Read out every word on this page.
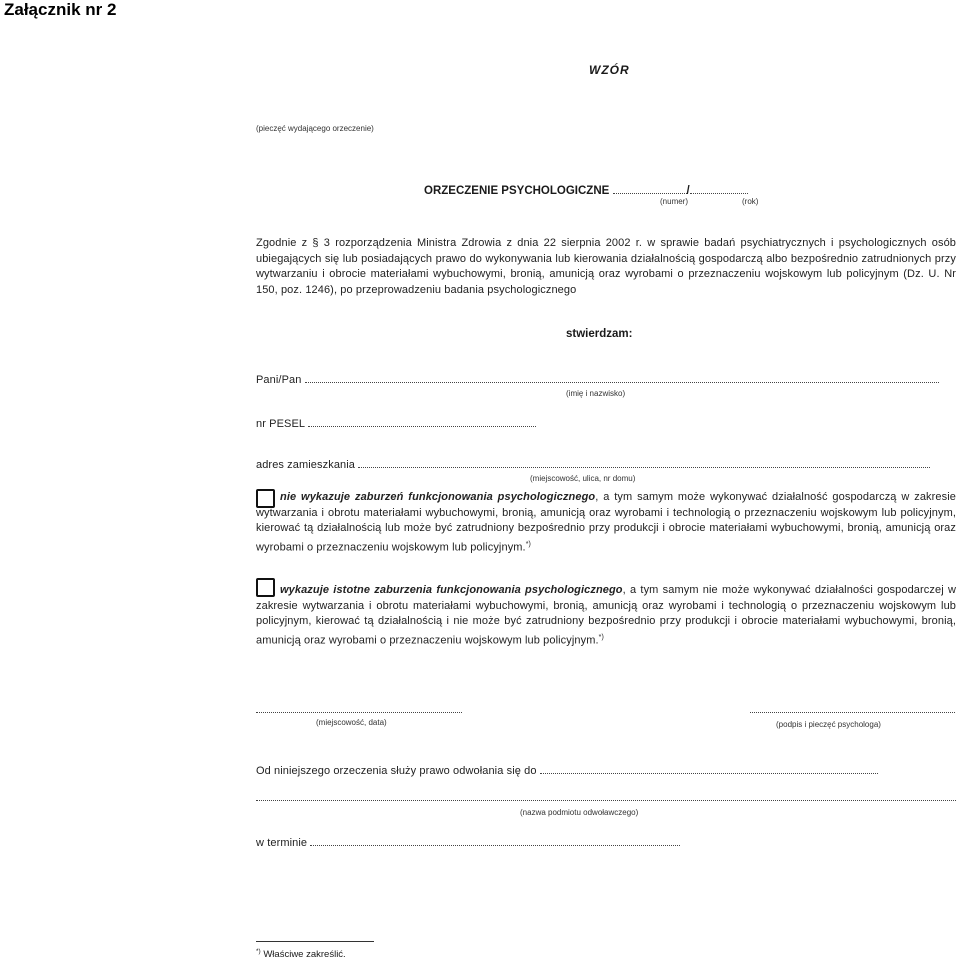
Załącznik nr 2
WZÓR
(pieczęć wydającego orzeczenie)
ORZECZENIE PSYCHOLOGICZNE	/
(numer)	(rok)
Zgodnie z § 3 rozporządzenia Ministra Zdrowia z dnia 22 sierpnia 2002 r. w sprawie badań psychiatrycznych i psychologicznych osób ubiegających się lub posiadających prawo do wykonywania lub kierowania działalnością gospodarczą albo bezpośrednio zatrudnionych przy wytwarzaniu i obrocie materiałami wybuchowymi, bronią, amunicją oraz wyrobami o przeznaczeniu wojskowym lub policyjnym (Dz. U. Nr 150, poz. 1246), po przeprowadzeniu badania psychologicznego
stwierdzam:
Pani/Pan
(imię i nazwisko)
nr PESEL
adres zamieszkania
(miejscowość, ulica, nr domu)
nie wykazuje zaburzeń funkcjonowania psychologicznego, a tym samym może wykonywać działalność gospodarczą w zakresie wytwarzania i obrotu materiałami wybuchowymi, bronią, amunicją oraz wyrobami i technologią o przeznaczeniu wojskowym lub policyjnym, kierować tą działalnością lub może być zatrudniony bezpośrednio przy produkcji i obrocie materiałami wybuchowymi, bronią, amunicją oraz wyrobami o przeznaczeniu wojskowym lub policyjnym.*)
wykazuje istotne zaburzenia funkcjonowania psychologicznego, a tym samym nie może wykonywać działalności gospodarczej w zakresie wytwarzania i obrotu materiałami wybuchowymi, bronią, amunicją oraz wyrobami i technologią o przeznaczeniu wojskowym lub policyjnym, kierować tą działalnością i nie może być zatrudniony bezpośrednio przy produkcji i obrocie materiałami wybuchowymi, bronią, amunicją oraz wyrobami o przeznaczeniu wojskowym lub policyjnym.*)
(miejscowość, data)	(podpis i pieczęć psychologa)
Od niniejszego orzeczenia służy prawo odwołania się do
(nazwa podmiotu odwoławczego)
w terminie
*) Właściwe zakreślić.
